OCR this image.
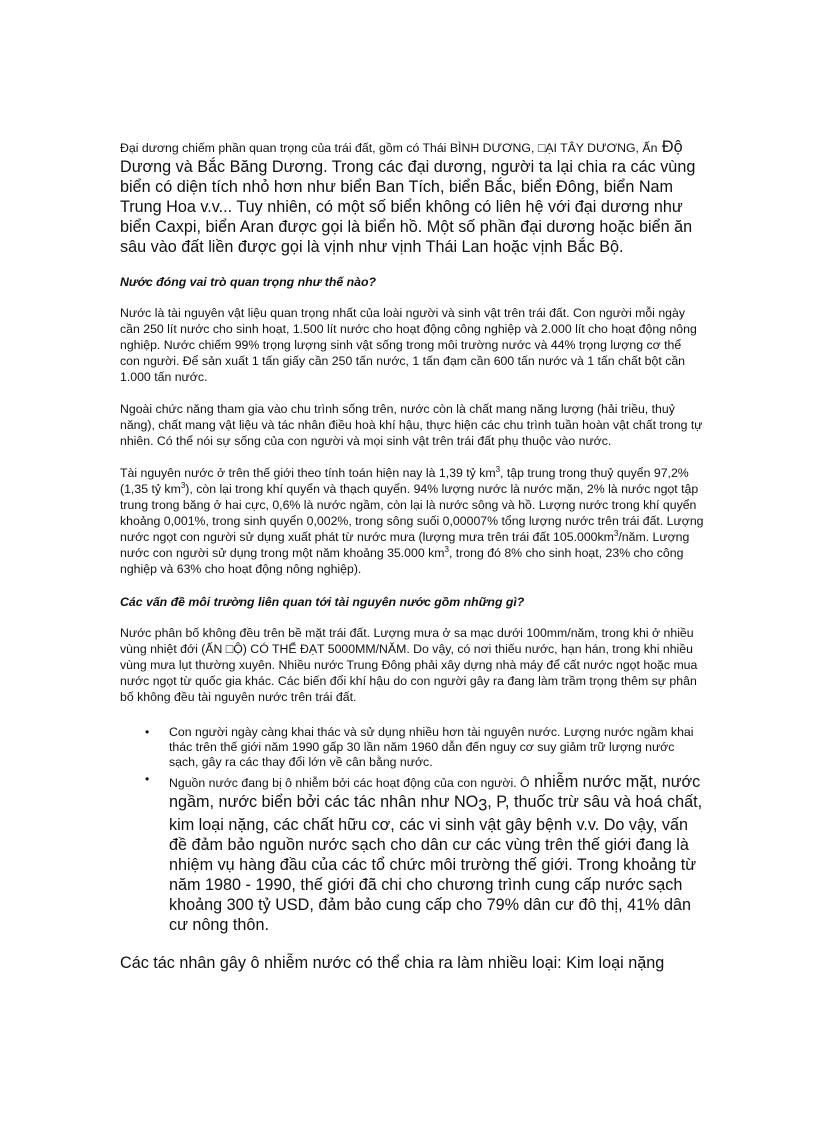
Đại dương chiếm phần quan trọng của trái đất, gồm có Thái BÌNH DƯƠNG, □ẠI TÂY DƯƠNG, Ấn Độ Dương và Bắc Băng Dương. Trong các đại dương, người ta lại chia ra các vùng biển có diện tích nhỏ hơn như biển Ban Tích, biển Bắc, biển Đông, biển Nam Trung Hoa v.v... Tuy nhiên, có một số biển không có liên hệ với đại dương như biển Caxpi, biển Aran được gọi là biển hồ. Một số phần đại dương hoặc biển ăn sâu vào đất liền được gọi là vịnh như vịnh Thái Lan hoặc vịnh Bắc Bộ.

Nước đóng vai trò quan trọng như thế nào?

Nước là tài nguyên vật liệu quan trọng nhất của loài người và sinh vật trên trái đất. Con người mỗi ngày cần 250 lít nước cho sinh hoạt, 1.500 lít nước cho hoạt động công nghiệp và 2.000 lít cho hoạt động nông nghiệp. Nước chiếm 99% trọng lượng sinh vật sống trong môi trường nước và 44% trọng lượng cơ thể con người. Để sản xuất 1 tấn giấy cần 250 tấn nước, 1 tấn đạm cần 600 tấn nước và 1 tấn chất bột cần 1.000 tấn nước.

Ngoài chức năng tham gia vào chu trình sống trên, nước còn là chất mang năng lượng (hải triều, thuỷ năng), chất mang vật liệu và tác nhân điều hoà khí hậu, thực hiện các chu trình tuần hoàn vật chất trong tự nhiên. Có thể nói sự sống của con người và mọi sinh vật trên trái đất phụ thuộc vào nước.

Tài nguyên nước ở trên thế giới theo tính toán hiện nay là 1,39 tỷ $km^3$, tập trung trong thuỷ quyển 97,2% (1,35 tỷ $km^3$), còn lại trong khí quyển và thạch quyển. 94% lượng nước là nước mặn, 2% là nước ngọt tập trung trong băng ở hai cực, 0,6% là nước ngầm, còn lại là nước sông và hồ. Lượng nước trong khí quyển khoảng 0,001%, trong sinh quyển 0,002%, trong sông suối 0,00007% tổng lượng nước trên trái đất. Lượng nước ngọt con người sử dụng xuất phát từ nước mưa (lượng mưa trên trái đất $105.000km^3$/năm. Lượng nước con người sử dụng trong một năm khoảng 35.000 $km^3$, trong đó 8% cho sinh hoạt, 23% cho công nghiệp và 63% cho hoạt động nông nghiệp).

Các vấn đề môi trường liên quan tới tài nguyên nước gồm những gì?

Nước phân bố không đều trên bề mặt trái đất. Lượng mưa ở sa mạc dưới 100mm/năm, trong khi ở nhiều vùng nhiệt đới (ẤN □Ộ) CÓ THỂ ĐẠT 5000MM/NĂM. Do vậy, có nơi thiếu nước, hạn hán, trong khi nhiều vùng mưa lụt thường xuyên. Nhiều nước Trung Đông phải xây dựng nhà máy để cất nước ngọt hoặc mua nước ngọt từ quốc gia khác. Các biến đổi khí hậu do con người gây ra đang làm trầm trọng thêm sự phân bố không đều tài nguyên nước trên trái đất.

• Con người ngày càng khai thác và sử dụng nhiều hơn tài nguyên nước. Lượng nước ngầm khai thác trên thế giới năm 1990 gấp 30 lần năm 1960 dẫn đến nguy cơ suy giảm trữ lượng nước sạch, gây ra các thay đổi lớn về cân bằng nước.
• Nguồn nước đang bị ô nhiễm bởi các hoạt động của con người. Ô nhiễm nước mặt, nước ngầm, nước biển bởi các tác nhân như $NO_3$, P, thuốc trừ sâu và hoá chất, kim loại nặng, các chất hữu cơ, các vi sinh vật gây bệnh v.v. Do vậy, vấn đề đảm bảo nguồn nước sạch cho dân cư các vùng trên thế giới đang là nhiệm vụ hàng đầu của các tổ chức môi trường thế giới. Trong khoảng từ năm 1980 - 1990, thế giới đã chi cho chương trình cung cấp nước sạch khoảng 300 tỷ USD, đảm bảo cung cấp cho 79% dân cư đô thị, 41% dân cư nông thôn.
Các tác nhân gây ô nhiễm nước có thể chia ra làm nhiều loại: Kim loại nặng
